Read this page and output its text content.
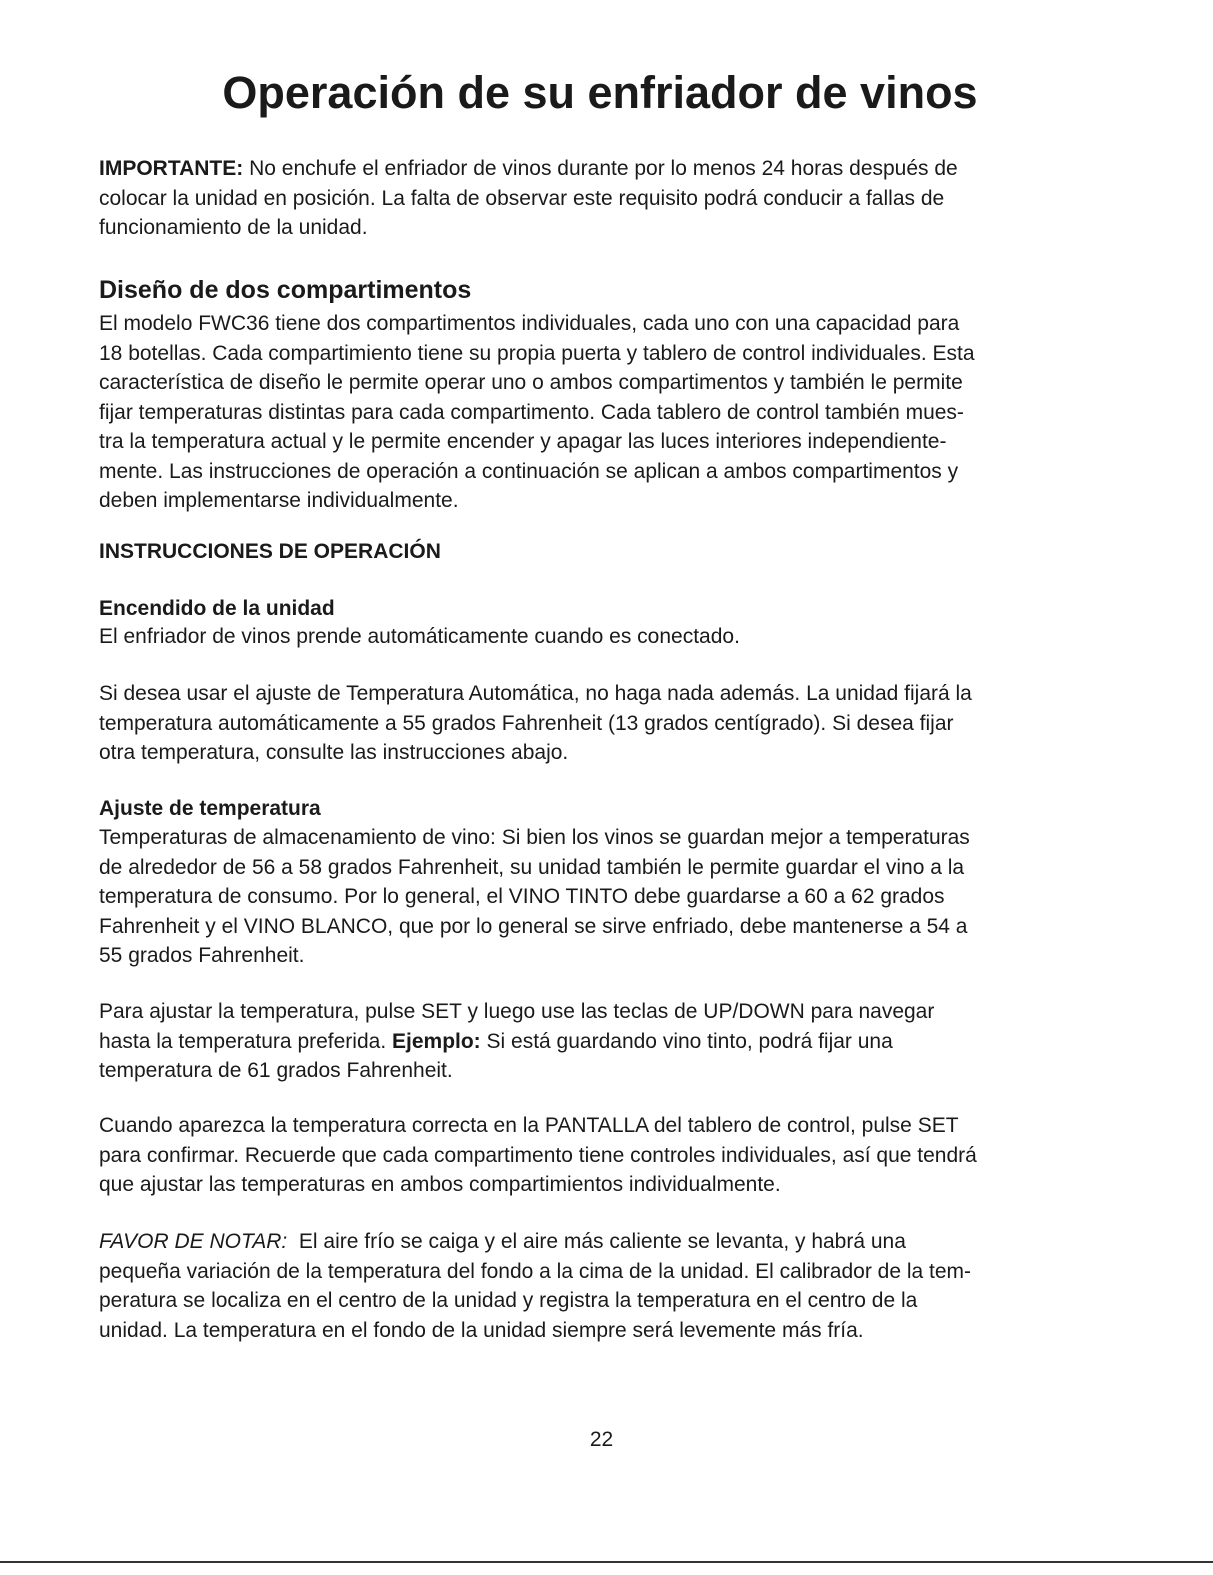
Operación de su enfriador de vinos

IMPORTANTE: No enchufe el enfriador de vinos durante por lo menos 24 horas después de
colocar la unidad en posición. La falta de observar este requisito podrá conducir a fallas de
funcionamiento de la unidad.

Diseño de dos compartimentos

El modelo FWC36 tiene dos compartimentos individuales, cada uno con una capacidad para
18 botellas. Cada compartimiento tiene su propia puerta y tablero de control individuales. Esta
característica de diseño le permite operar uno o ambos compartimentos y también le permite
fijar temperaturas distintas para cada compartimento. Cada tablero de control también mues-
tra la temperatura actual y le permite encender y apagar las luces interiores independiente-
mente. Las instrucciones de operación a continuación se aplican a ambos compartimentos y
deben implementarse individualmente.

INSTRUCCIONES DE OPERACIÓN
Encendido de la unidad

El enfriador de vinos prende automáticamente cuando es conectado.

Si desea usar el ajuste de Temperatura Automática, no haga nada además. La unidad fijará la
temperatura automáticamente a 55 grados Fahrenheit (13 grados centígrado). Si desea fijar
otra temperatura, consulte las instrucciones abajo.

Ajuste de temperatura

Temperaturas de almacenamiento de vino: Si bien los vinos se guardan mejor a temperaturas
de alrededor de 56 a 58 grados Fahrenheit, su unidad también le permite guardar el vino a la
temperatura de consumo. Por lo general, el VINO TINTO debe guardarse a 60 a 62 grados
Fahrenheit y el VINO BLANCO, que por lo general se sirve enfriado, debe mantenerse a 54 a
55 grados Fahrenheit.

Para ajustar la temperatura, pulse SET y luego use las teclas de UP/DOWN para navegar
hasta la temperatura preferida. Ejemplo: Si está guardando vino tinto, podrá fijar una
temperatura de 61 grados Fahrenheit.

Cuando aparezca la temperatura correcta en la PANTALLA del tablero de control, pulse SET
para confirmar. Recuerde que cada compartimento tiene controles individuales, así que tendrá
que ajustar las temperaturas en ambos compartimientos individualmente.

FAVOR DE NOTAR:  El aire frío se caiga y el aire más caliente se levanta, y habrá una
pequeña variación de la temperatura del fondo a la cima de la unidad. El calibrador de la tem-
peratura se localiza en el centro de la unidad y registra la temperatura en el centro de la
unidad. La temperatura en el fondo de la unidad siempre será levemente más fría.

22
